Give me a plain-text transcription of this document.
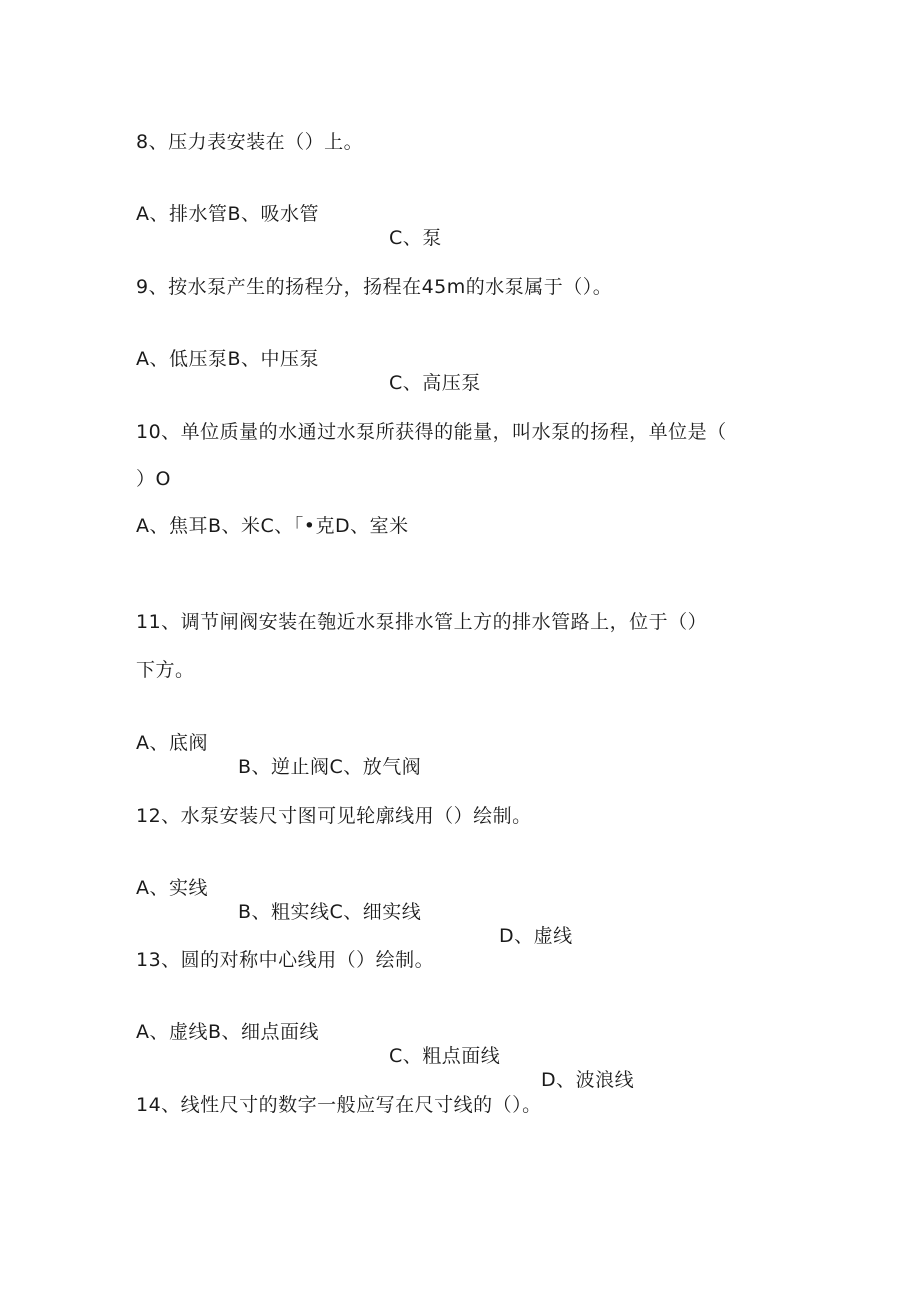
8、压力表安装在（）上。

A、排水管B、吸水管

C、泵

9、按水泵产生的扬程分，扬程在45m的水泵属于（）。

A、低压泵B、中压泵

C、高压泵

10、单位质量的水通过水泵所获得的能量，叫水泵的扬程，单位是（
）O
A、焦耳B、米C、「•克D、室米
11、调节闸阀安装在匏近水泵排水管上方的排水管路上，位于（）
下方。

A、底阀

B、逆止阀C、放气阀

12、水泵安装尺寸图可见轮廓线用（）绘制。

A、实线

B、粗实线C、细实线

D、虚线

13、圆的对称中心线用（）绘制。

A、虚线B、细点面线

C、粗点面线

D、波浪线

14、线性尺寸的数字一般应写在尺寸线的（）。
